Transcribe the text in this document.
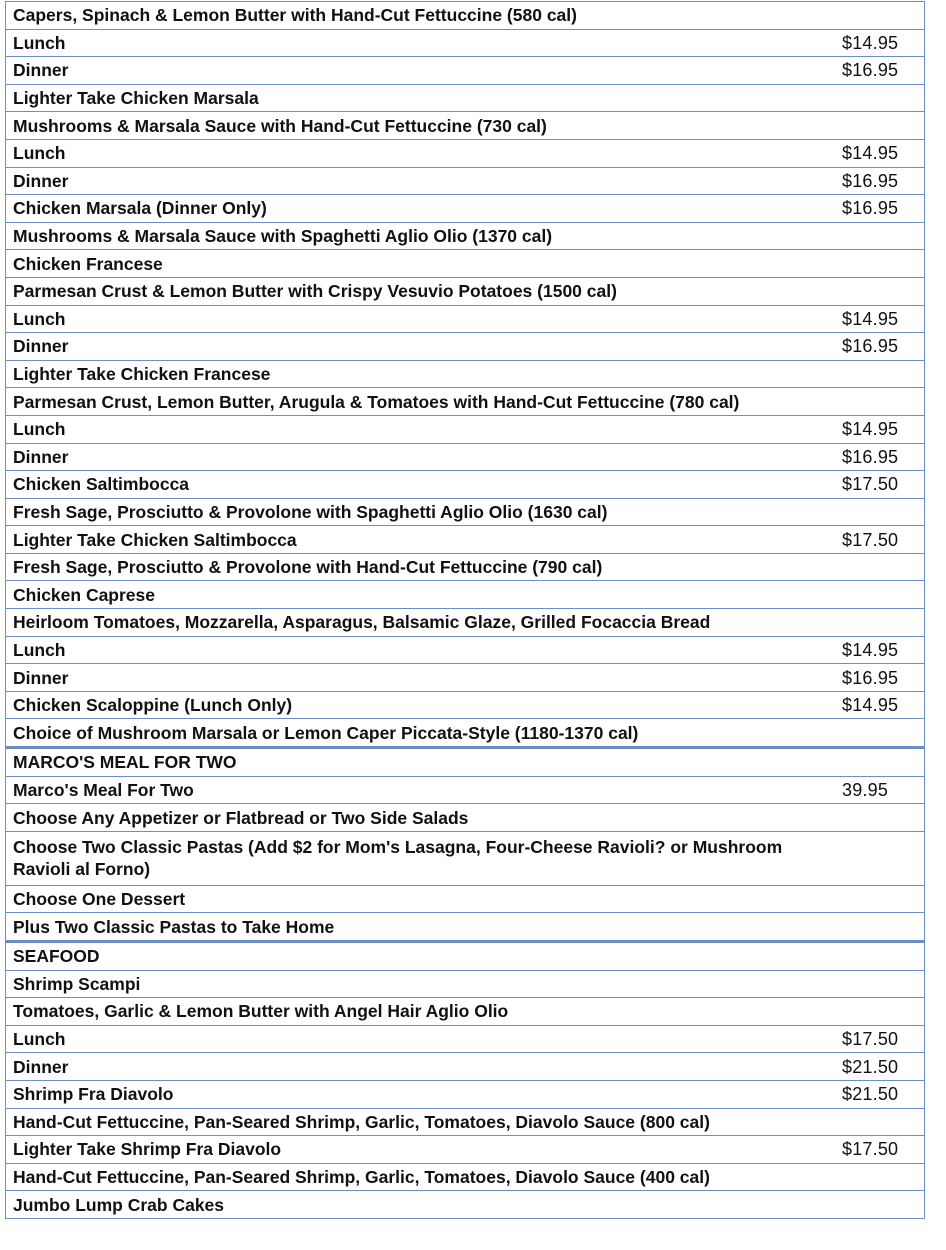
Capers, Spinach & Lemon Butter with Hand-Cut Fettuccine (580 cal)	
Lunch	$14.95
Dinner	$16.95
Lighter Take Chicken Marsala	
Mushrooms & Marsala Sauce with Hand-Cut Fettuccine (730 cal)	
Lunch	$14.95
Dinner	$16.95
Chicken Marsala (Dinner Only)	$16.95
Mushrooms & Marsala Sauce with Spaghetti Aglio Olio (1370 cal)	
Chicken Francese	
Parmesan Crust & Lemon Butter with Crispy Vesuvio Potatoes (1500 cal)	
Lunch	$14.95
Dinner	$16.95
Lighter Take Chicken Francese	
Parmesan Crust, Lemon Butter, Arugula & Tomatoes with Hand-Cut Fettuccine (780 cal)	
Lunch	$14.95
Dinner	$16.95
Chicken Saltimbocca	$17.50
Fresh Sage, Prosciutto & Provolone with Spaghetti Aglio Olio (1630 cal)	
Lighter Take Chicken Saltimbocca	$17.50
Fresh Sage, Prosciutto & Provolone with Hand-Cut Fettuccine (790 cal)	
Chicken Caprese	
Heirloom Tomatoes, Mozzarella, Asparagus, Balsamic Glaze, Grilled Focaccia Bread	
Lunch	$14.95
Dinner	$16.95
Chicken Scaloppine (Lunch Only)	$14.95
Choice of Mushroom Marsala or Lemon Caper Piccata-Style (1180-1370 cal)	
MARCO'S MEAL FOR TWO	
Marco's Meal For Two	39.95
Choose Any Appetizer or Flatbread or Two Side Salads	
Choose Two Classic Pastas (Add $2 for Mom's Lasagna, Four-Cheese Ravioli? or Mushroom Ravioli al Forno)	
Choose One Dessert	
Plus Two Classic Pastas to Take Home	
SEAFOOD	
Shrimp Scampi	
Tomatoes, Garlic & Lemon Butter with Angel Hair Aglio Olio	
Lunch	$17.50
Dinner	$21.50
Shrimp Fra Diavolo	$21.50
Hand-Cut Fettuccine, Pan-Seared Shrimp, Garlic, Tomatoes, Diavolo Sauce (800 cal)	
Lighter Take Shrimp Fra Diavolo	$17.50
Hand-Cut Fettuccine, Pan-Seared Shrimp, Garlic, Tomatoes, Diavolo Sauce (400 cal)	
Jumbo Lump Crab Cakes	
